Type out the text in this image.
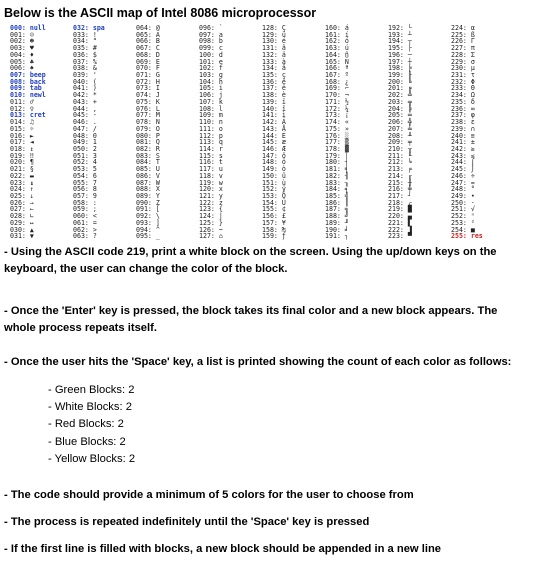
Below is the ASCII map of Intel 8086 microprocessor
000: null
001: ☺
002: ☻
003: ♥
004: ♦
005: ♣
006: ♠
007: beep
008: back
009: tab
010: newl
011: ♂
012: ♀
013: cret
014: ♫
015: ☼
016: ►
017: ◄
018: ↕
019: ‼
020: ¶
021: §
022: ▬
023: ↨
024: ↑
025: ↓
026: →
027: ←
028: ∟
029: ↔
030: ▲
031: ▼
032: spa
033: !
034: "
035: #
036: $
037: %
038: &
039: '
040: (
041: )
042: *
043: +
044: ,
045: -
046: .
047: /
048: 0
049: 1
050: 2
051: 3
052: 4
053: 5
054: 6
055: 7
056: 8
057: 9
058: :
059: ;
060: <
061: =
062: >
063: ?
064: @
065: A
066: B
067: C
068: D
069: E
070: F
071: G
072: H
073: I
074: J
075: K
076: L
077: M
078: N
079: O
080: P
081: Q
082: R
083: S
084: T
085: U
086: V
087: W
088: X
089: Y
090: Z
091: [
092: \
093: ]
094: ^
095: _
096: `
097: a
098: b
099: c
100: d
101: e
102: f
103: g
104: h
105: i
106: j
107: k
108: l
109: m
110: n
111: o
112: p
113: q
114: r
115: s
116: t
117: u
118: v
119: w
120: x
121: y
122: z
123: {
124: |
125: }
126: ~
127: ⌂
128: Ç
129: ü
130: é
131: â
132: ä
133: à
134: å
135: ç
136: ê
137: ë
138: è
139: ï
140: î
141: ì
142: Ä
143: Å
144: É
145: æ
146: Æ
147: ô
148: ö
149: ò
150: û
151: ù
152: ÿ
153: Ö
154: Ü
155: ¢
156: £
157: ¥
158: ₧
159: ƒ
160: á
161: í
162: ó
163: ú
164: ñ
165: Ñ
166: ª
167: º
168: ¿
169: ⌐
170: ¬
171: ½
172: ¼
173: ¡
174: «
175: »
176: ░
177: ▒
178: ▓
179: │
180: ┤
181: ╡
182: ╢
183: ╖
184: ╕
185: ╣
186: ║
187: ╗
188: ╝
189: ╜
190: ╛
191: ┐
192: └
193: ┴
194: ┬
195: ├
196: ─
197: ┼
198: ╞
199: ╟
200: ╚
201: ╔
202: ╩
203: ╦
204: ╠
205: ═
206: ╬
207: ╧
208: ╨
209: ╤
210: ╥
211: ╙
212: ╘
213: ╒
214: ╓
215: ╫
216: ╪
217: ┘
218: ┌
219: █
220: ▄
221: ▌
222: ▐
223: ▀
224: α
225: ß
226: Γ
227: π
228: Σ
229: σ
230: µ
231: τ
232: Φ
233: Θ
234: Ω
235: δ
236: ∞
237: φ
238: ε
239: ∩
240: ≡
241: ±
242: ≥
243: ≤
244: ⌠
245: ⌡
246: ÷
247: ≈
248: °
249: ∙
250: ·
251: √
252: ⁿ
253: ²
254: ■
255: res
- Using the ASCII code 219, print a white block on the screen. Using the up/down keys on the keyboard, the user can change the color of the block.
- Once the 'Enter' key is pressed, the block takes its final color and a new block appears. The whole process repeats itself.
- Once the user hits the 'Space' key, a list is printed showing the count of each color as follows:
- Green Blocks: 2
- White Blocks: 2
- Red Blocks: 2
- Blue Blocks: 2
- Yellow Blocks: 2
- The code should provide a minimum of 5 colors for the user to choose from
- The process is repeated indefinitely until the 'Space' key is pressed
- If the first line is filled with blocks, a new block should be appended in a new line
